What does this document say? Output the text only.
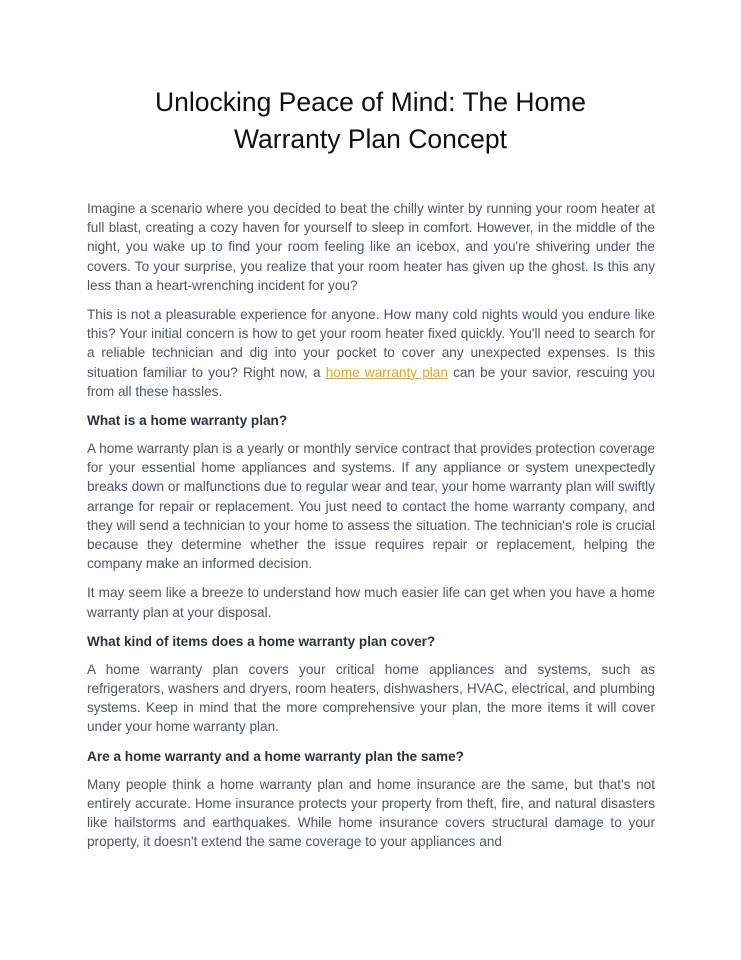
Unlocking Peace of Mind: The Home
Warranty Plan Concept

Imagine a scenario where you decided to beat the chilly winter by running your room heater at full blast, creating a cozy haven for yourself to sleep in comfort. However, in the middle of the night, you wake up to find your room feeling like an icebox, and you're shivering under the covers. To your surprise, you realize that your room heater has given up the ghost. Is this any less than a heart-wrenching incident for you?

This is not a pleasurable experience for anyone. How many cold nights would you endure like this? Your initial concern is how to get your room heater fixed quickly. You'll need to search for a reliable technician and dig into your pocket to cover any unexpected expenses. Is this situation familiar to you? Right now, a home warranty plan can be your savior, rescuing you from all these hassles.

What is a home warranty plan?

A home warranty plan is a yearly or monthly service contract that provides protection coverage for your essential home appliances and systems. If any appliance or system unexpectedly breaks down or malfunctions due to regular wear and tear, your home warranty plan will swiftly arrange for repair or replacement. You just need to contact the home warranty company, and they will send a technician to your home to assess the situation. The technician's role is crucial because they determine whether the issue requires repair or replacement, helping the company make an informed decision.

It may seem like a breeze to understand how much easier life can get when you have a home warranty plan at your disposal.

What kind of items does a home warranty plan cover?

A home warranty plan covers your critical home appliances and systems, such as refrigerators, washers and dryers, room heaters, dishwashers, HVAC, electrical, and plumbing systems. Keep in mind that the more comprehensive your plan, the more items it will cover under your home warranty plan.

Are a home warranty and a home warranty plan the same?

Many people think a home warranty plan and home insurance are the same, but that's not entirely accurate. Home insurance protects your property from theft, fire, and natural disasters like hailstorms and earthquakes. While home insurance covers structural damage to your property, it doesn't extend the same coverage to your appliances and
